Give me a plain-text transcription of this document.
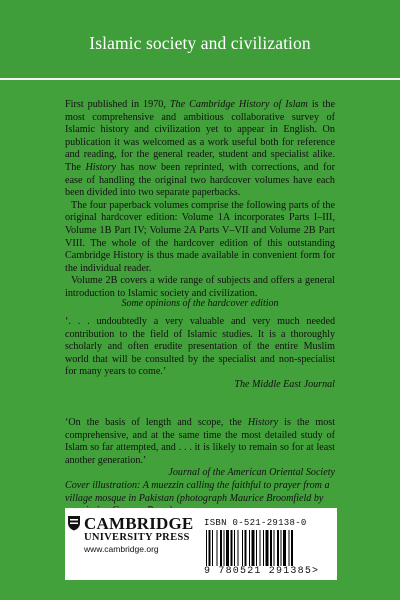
Islamic society and civilization

First published in 1970, The Cambridge History of Islam is the most comprehensive and ambitious collaborative survey of Islamic history and civilization yet to appear in English. On publication it was welcomed as a work useful both for reference and reading, for the general reader, student and specialist alike. The History has now been reprinted, with corrections, and for ease of handling the original two hardcover volumes have each been divided into two separate paperbacks.

The four paperback volumes comprise the following parts of the original hardcover edition: Volume 1A incorporates Parts I–III, Volume 1B Part IV; Volume 2A Parts V–VII and Volume 2B Part VIII. The whole of the hardcover edition of this outstanding Cambridge History is thus made available in convenient form for the individual reader.

Volume 2B covers a wide range of subjects and offers a general introduction to Islamic society and civilization.

Some opinions of the hardcover edition

‘. . . undoubtedly a very valuable and very much needed contribution to the field of Islamic studies. It is a thoroughly scholarly and often erudite presentation of the entire Muslim world that will be consulted by the specialist and non-specialist for many years to come.’

The Middle East Journal

‘On the basis of length and scope, the History is the most comprehensive, and at the same time the most detailed study of Islam so far attempted, and . . . it is likely to remain so for at least another generation.’

Journal of the American Oriental Society

Cover illustration: A muezzin calling the faithful to prayer from a village mosque in Pakistan (photograph Maurice Broomfield by
CAMBRIDGE
UNIVERSITY PRESS
www.cambridge.org
ISBN 0-521-29138-0
9 780521 291385>
